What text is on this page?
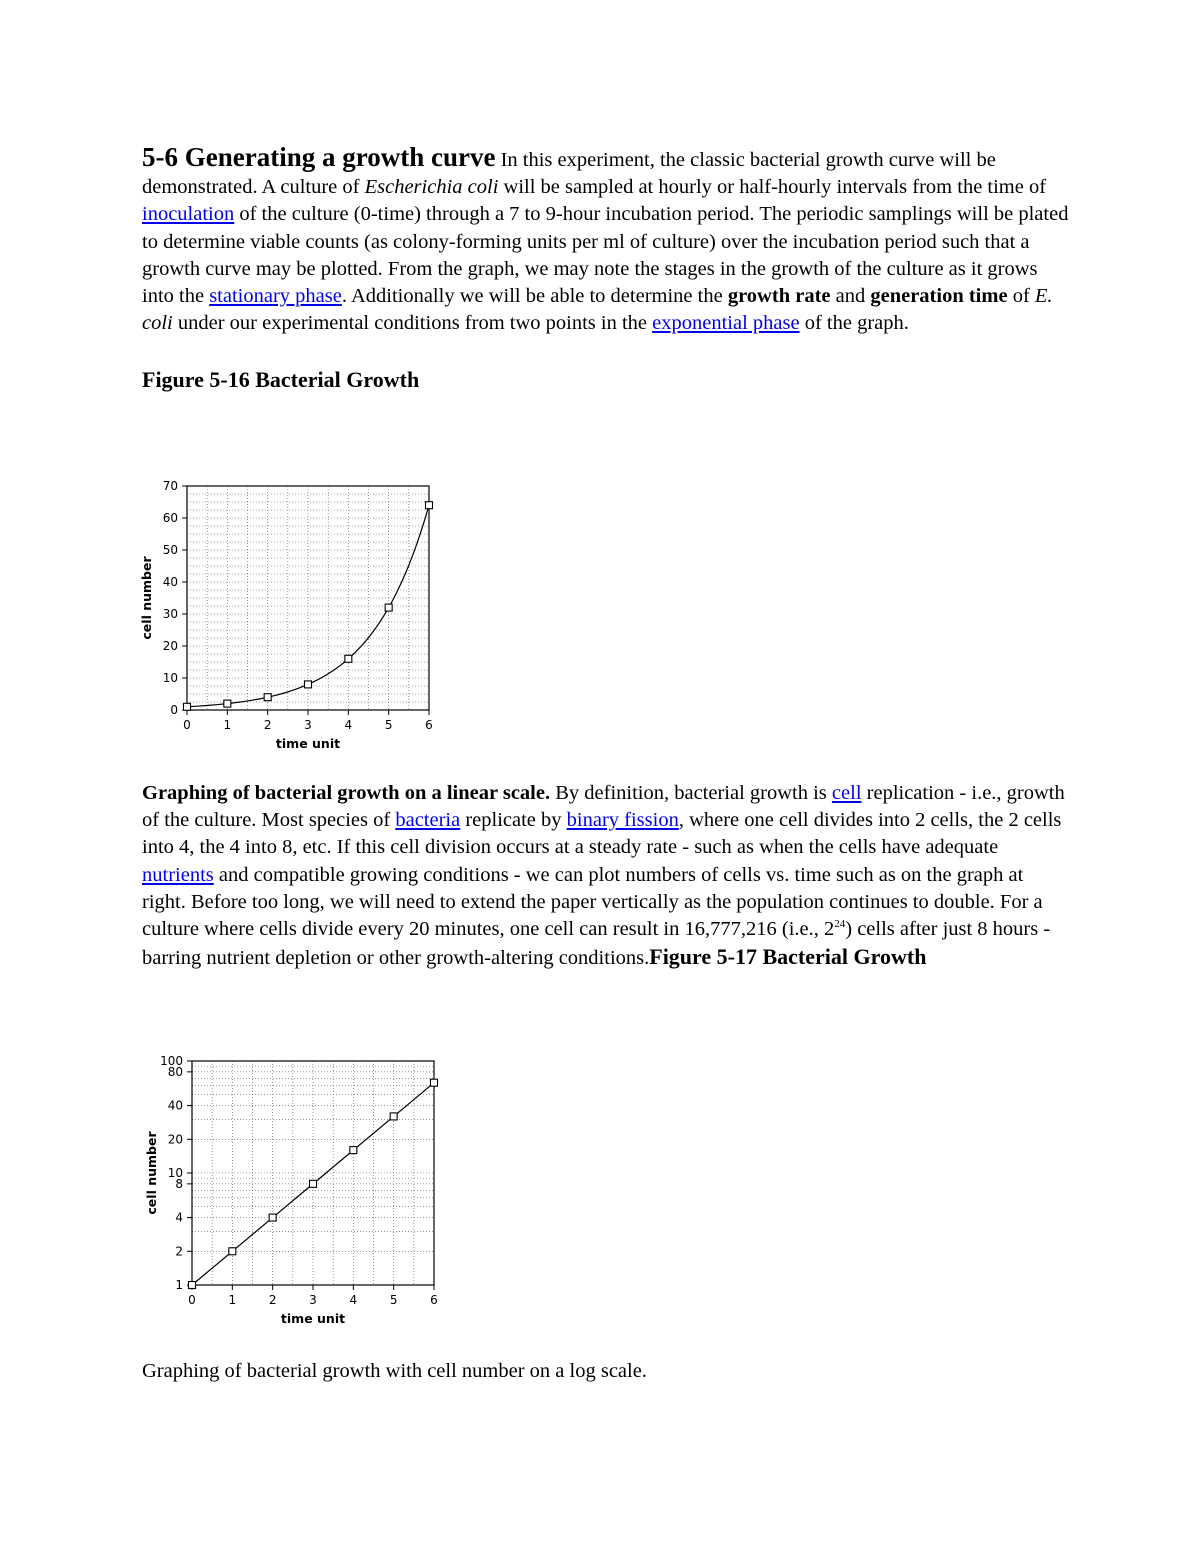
5-6 Generating a growth curve In this experiment, the classic bacterial growth curve will be demonstrated. A culture of Escherichia coli will be sampled at hourly or half-hourly intervals from the time of inoculation of the culture (0-time) through a 7 to 9-hour incubation period. The periodic samplings will be plated to determine viable counts (as colony-forming units per ml of culture) over the incubation period such that a growth curve may be plotted. From the graph, we may note the stages in the growth of the culture as it grows into the stationary phase. Additionally we will be able to determine the growth rate and generation time of E. coli under our experimental conditions from two points in the exponential phase of the graph.

Figure 5-16 Bacterial Growth

0	1	2	3	4	5	6
0
10
20
30
40
50
60
70
time unit
cell number

Graphing of bacterial growth on a linear scale. By definition, bacterial growth is cell replication - i.e., growth of the culture. Most species of bacteria replicate by binary fission, where one cell divides into 2 cells, the 2 cells into 4, the 4 into 8, etc. If this cell division occurs at a steady rate - such as when the cells have adequate nutrients and compatible growing conditions - we can plot numbers of cells vs. time such as on the graph at right. Before too long, we will need to extend the paper vertically as the population continues to double. For a culture where cells divide every 20 minutes, one cell can result in 16,777,216 (i.e., $2^{24}$) cells after just 8 hours - barring nutrient depletion or other growth-altering conditions.Figure 5-17 Bacterial Growth

0	1	2	3	4	5	6
1
2
4
8
10
20
40
80
100
time unit
cell number

Graphing of bacterial growth with cell number on a log scale.
